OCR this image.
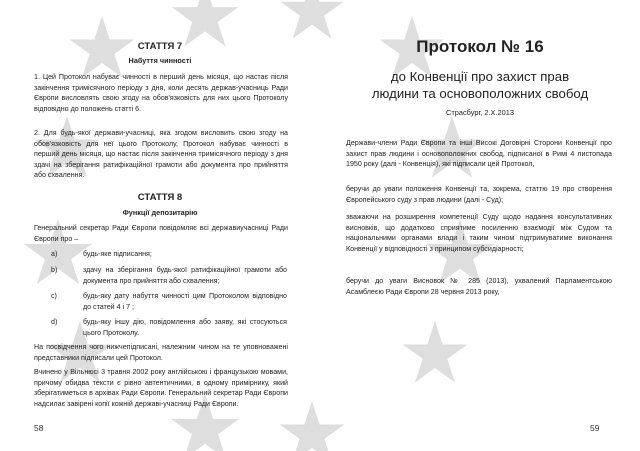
СТАТТЯ 7
Набуття чинності

1. Цей Протокол набуває чинності в перший день місяця, що настає після закінчення тримісячного періоду з дня, коли десять держав-учасниць Ради Європи висловлять свою згоду на обов'язковість для них цього Протоколу відповідно до положень статті 6.

2. Для будь-якої держави-учасниці, яка згодом висловить свою згоду на обов'язковість для неї цього Протоколу, Протокол набуває чинності в перший день місяця, що настає після закінчення тримісячного періоду з дня здачі на зберігання ратифікаційної грамоти або документа про прийняття або схвалення.

СТАТТЯ 8
Функції депозитарію

Генеральний секретар Ради Європи повідомляє всі державиучасниці Ради Європи про –

a)	будь-яке підписання;
b)	здачу на зберігання будь-якої ратифікаційної грамоти або документа про прийняття або схвалення;
c)	будь-яку дату набуття чинності цим Протоколом відповідно до статей 4 і 7 ;
d)	будь-яку іншу дію, повідомлення або заяву, які стосуються цього Протоколу.

На посвідчення чого нижчепідписані, належним чином на те уповноважені представники підписали цей Протокол.

Вчинено у Вільнюсі 3 травня 2002 року англійською і французькою мовами, причому обидва тексти є рівно автентичними, в одному примірнику, який зберігатиметься в архівах Ради Європи. Генеральний секретар Ради Європи надсилає завірені копії кожній державі-учасниці Ради Європи.

58
Протокол № 16
до Конвенції про захист прав
людини та основоположних свобод
Страсбург, 2.X.2013

Держави-члени Ради Європи та інші Високі Договірні Сторони Конвенції про захист прав людини і основоположних свобод, підписаної в Римі 4 листопада 1950 року (далі - Конвенція), які підписали цей Протокол,

беручи до уваги положення Конвенції та, зокрема, статтю 19 про створення Європейського суду з прав людини (далі - Суд);

зважаючи на розширення компетенції Суду щодо надання консультативних висновків, що додатково сприятиме посиленню взаємодії між Судом та національними органами влади і таким чином підтримуватиме виконання Конвенції у відповідності з принципом субсидіарності;

беручи до уваги Висновок № 285 (2013), ухвалений Парламентською Асамблеєю Ради Європи 28 червня 2013 року,

59
